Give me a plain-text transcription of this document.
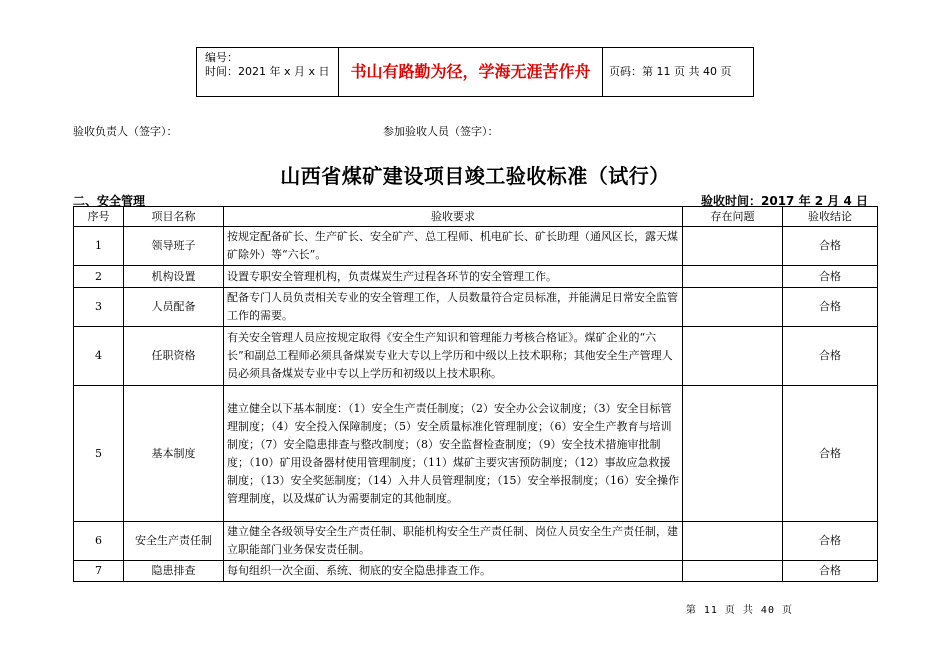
编号：
时间：2021 年 x 月 x 日	书山有路勤为径，学海无涯苦作舟	页码：第 11 页 共 40 页
验收负责人（签字）：	参加验收人员（签字）：
山西省煤矿建设项目竣工验收标准（试行）
二、安全管理	验收时间：2017 年 2 月 4 日
序号	项目名称	验收要求	存在问题	验收结论
1	领导班子	按规定配备矿长、生产矿长、安全矿产、总工程师、机电矿长、矿长助理（通风区长，露天煤矿除外）等“六长”。		合格
2	机构设置	设置专职安全管理机构，负责煤炭生产过程各环节的安全管理工作。		合格
3	人员配备	配备专门人员负责相关专业的安全管理工作，人员数量符合定员标准，并能满足日常安全监管工作的需要。		合格
4	任职资格	有关安全管理人员应按规定取得《安全生产知识和管理能力考核合格证》。煤矿企业的“六长”和副总工程师必须具备煤炭专业大专以上学历和中级以上技术职称；其他安全生产管理人员必须具备煤炭专业中专以上学历和初级以上技术职称。		合格
5	基本制度	建立健全以下基本制度：（1）安全生产责任制度；（2）安全办公会议制度；（3）安全目标管理制度；（4）安全投入保障制度；（5）安全质量标准化管理制度；（6）安全生产教育与培训制度；（7）安全隐患排查与整改制度；（8）安全监督检查制度；（9）安全技术措施审批制度；（10）矿用设备器材使用管理制度；（11）煤矿主要灾害预防制度；（12）事故应急救援制度；（13）安全奖惩制度；（14）入井人员管理制度；（15）安全举报制度；（16）安全操作管理制度，以及煤矿认为需要制定的其他制度。		合格
6	安全生产责任制	建立健全各级领导安全生产责任制、职能机构安全生产责任制、岗位人员安全生产责任制，建立职能部门业务保安责任制。		合格
7	隐患排查	每旬组织一次全面、系统、彻底的安全隐患排查工作。		合格
第 11 页 共 40 页
